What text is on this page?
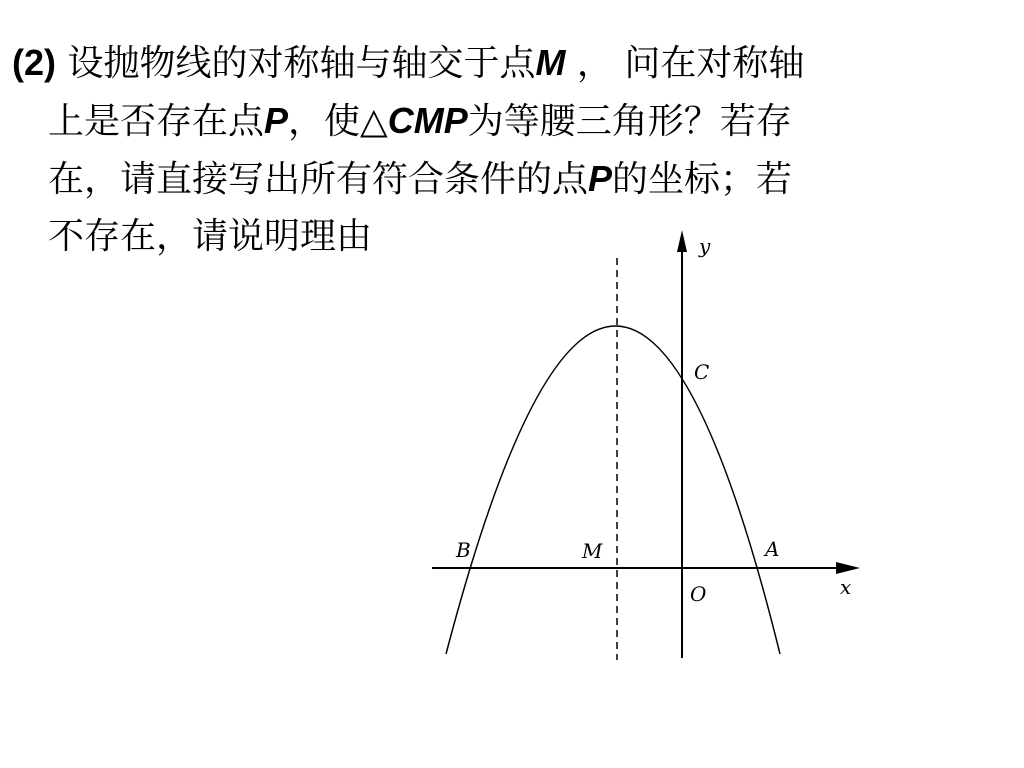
(2) 设抛物线的对称轴与轴交于点M ， 问在对称轴
上是否存在点P，使△CMP为等腰三角形？若存
在，请直接写出所有符合条件的点P的坐标；若
不存在，请说明理由	y
x
C
A
B	M
O
